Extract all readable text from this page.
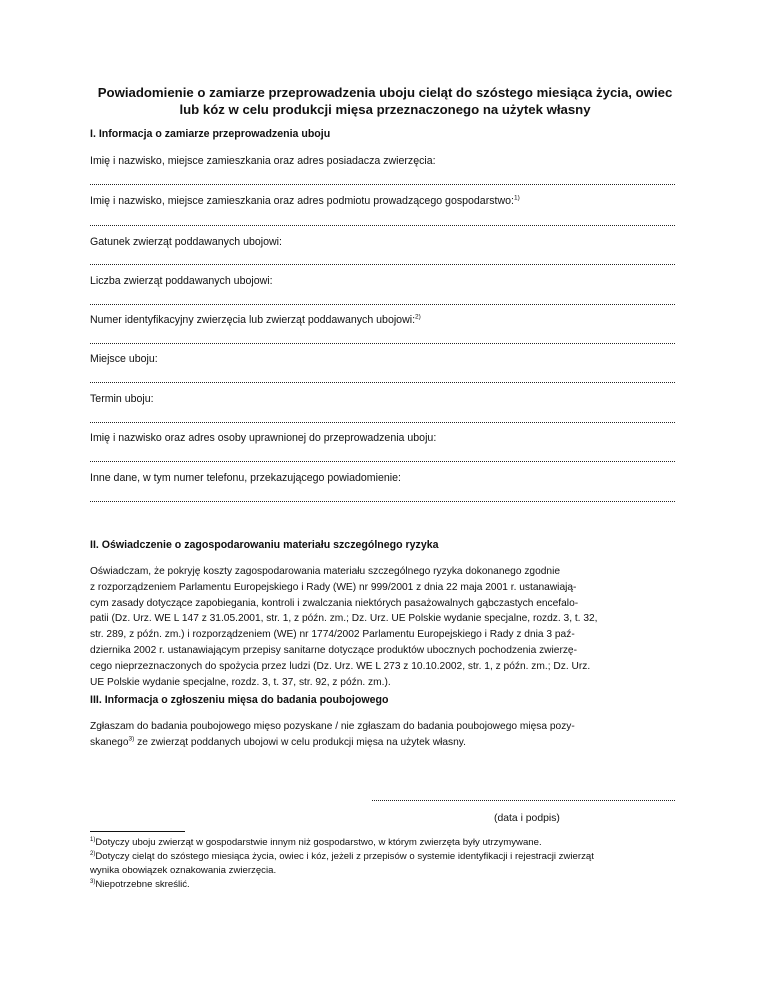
Powiadomienie o zamiarze przeprowadzenia uboju cieląt do szóstego miesiąca życia, owiec
lub kóz w celu produkcji mięsa przeznaczonego na użytek własny
I. Informacja o zamiarze przeprowadzenia uboju
Imię i nazwisko, miejsce zamieszkania oraz adres posiadacza zwierzęcia:
Imię i nazwisko, miejsce zamieszkania oraz adres podmiotu prowadzącego gospodarstwo:$^{1)}$
Gatunek zwierząt poddawanych ubojowi:
Liczba zwierząt poddawanych ubojowi:
Numer identyfikacyjny zwierzęcia lub zwierząt poddawanych ubojowi:$^{2)}$
Miejsce uboju:
Termin uboju:
Imię i nazwisko oraz adres osoby uprawnionej do przeprowadzenia uboju:
Inne dane, w tym numer telefonu, przekazującego powiadomienie:
II. Oświadczenie o zagospodarowaniu materiału szczególnego ryzyka
Oświadczam, że pokryję koszty zagospodarowania materiału szczególnego ryzyka dokonanego zgodnie
z rozporządzeniem Parlamentu Europejskiego i Rady (WE) nr 999/2001 z dnia 22 maja 2001 r. ustanawiają-
cym zasady dotyczące zapobiegania, kontroli i zwalczania niektórych pasażowalnych gąbczastych encefalo-
patii (Dz. Urz. WE L 147 z 31.05.2001, str. 1, z późn. zm.; Dz. Urz. UE Polskie wydanie specjalne, rozdz. 3, t. 32,
str. 289, z późn. zm.) i rozporządzeniem (WE) nr 1774/2002 Parlamentu Europejskiego i Rady z dnia 3 paź-
dziernika 2002 r. ustanawiającym przepisy sanitarne dotyczące produktów ubocznych pochodzenia zwierzę-
cego nieprzeznaczonych do spożycia przez ludzi (Dz. Urz. WE L 273 z 10.10.2002, str. 1, z późn. zm.; Dz. Urz.
UE Polskie wydanie specjalne, rozdz. 3, t. 37, str. 92, z późn. zm.).
III. Informacja o zgłoszeniu mięsa do badania poubojowego
Zgłaszam do badania poubojowego mięso pozyskane / nie zgłaszam do badania poubojowego mięsa pozy-
skanego$^{3)}$ ze zwierząt poddanych ubojowi w celu produkcji mięsa na użytek własny.
(data i podpis)
$^{1)}$Dotyczy uboju zwierząt w gospodarstwie innym niż gospodarstwo, w którym zwierzęta były utrzymywane.
$^{2)}$Dotyczy cieląt do szóstego miesiąca życia, owiec i kóz, jeżeli z przepisów o systemie identyfikacji i rejestracji zwierząt
wynika obowiązek oznakowania zwierzęcia.
$^{3)}$Niepotrzebne skreślić.
